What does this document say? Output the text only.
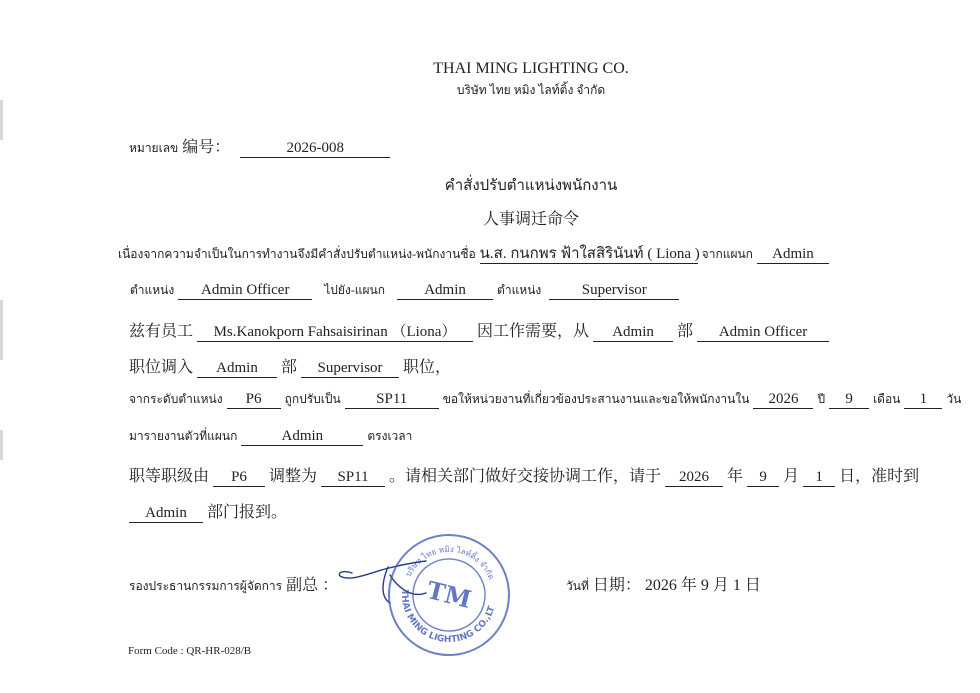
THAI MING LIGHTING CO.
บริษัท ไทย หมิง ไลท์ติ้ง จำกัด
หมายเลข 编号：	2026-008
คำสั่งปรับตำแหน่งพนักงาน
人事调迁命令
เนื่องจากความจำเป็นในการทำงานจึงมีคำสั่งปรับตำแหน่ง-พนักงานชื่อ น.ส. กนกพร ฟ้าใสสิรินันท์ ( Liona ) จากแผนก Admin
ตำแหน่ง Admin Officer	ไปยัง-แผนก	Admin	ตำแหน่ง	Supervisor
兹有员工 Ms.Kanokporn Fahsaisirinan （Liona） 因工作需要，从 Admin 部 Admin Officer
职位调入 Admin 部 Supervisor 职位，
จากระดับตำแหน่ง P6 ถูกปรับเป็น SP11	ขอให้หน่วยงานที่เกี่ยวข้องประสานงานและขอให้พนักงานใน 2026 ปี 9 เดือน 1 วัน
มารายงานตัวที่แผนก	Admin	ตรงเวลา
职等职级由 P6 调整为 SP11 。请相关部门做好交接协调工作，请于 2026 年 9 月 1 日，准时到
Admin 部门报到。
รองประธานกรรมการผู้จัดการ 副总 ：
บริษัท ไทย หมิง ไลท์ติ้ง จำกัด
THAI MING LIGHTING CO.,LTD.
TM	วันที่ 日期： 2026 年 9 月 1 日
Form Code : QR-HR-028/B
